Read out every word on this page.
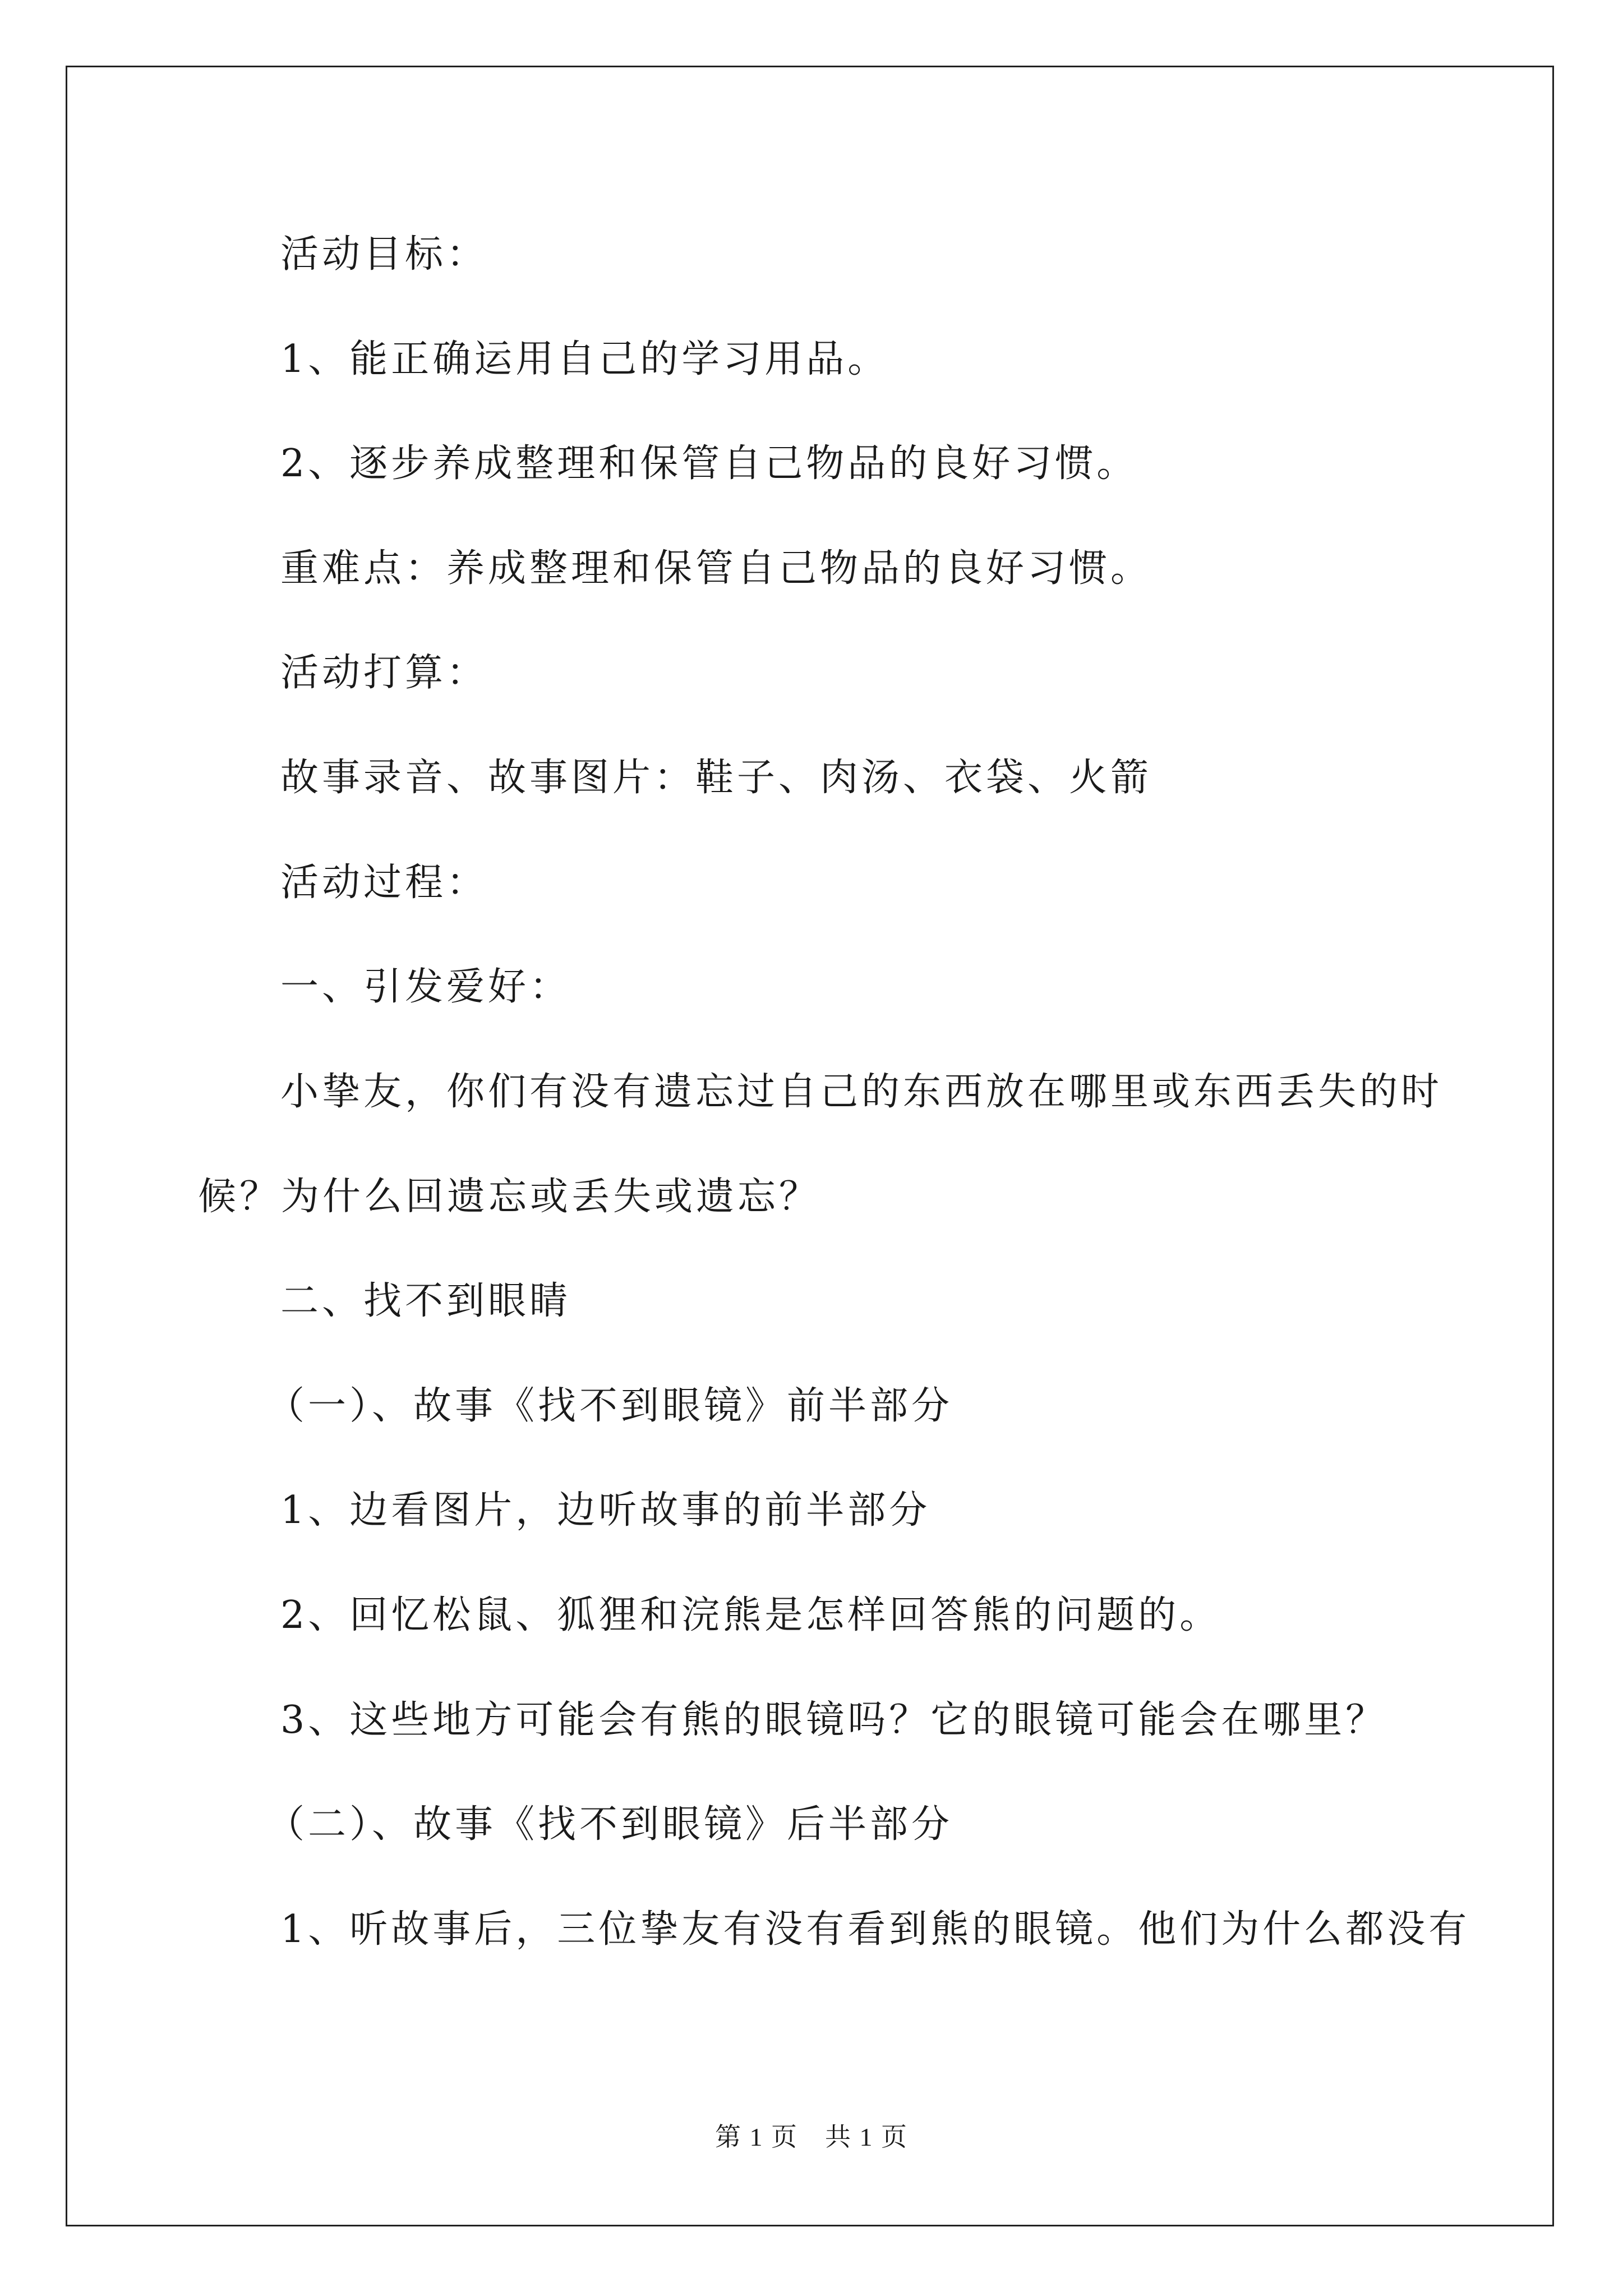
活动目标：
1、能正确运用自己的学习用品。
2、逐步养成整理和保管自己物品的良好习惯。
重难点：养成整理和保管自己物品的良好习惯。
活动打算：
故事录音、故事图片：鞋子、肉汤、衣袋、火箭
活动过程：
一、引发爱好：
小挚友，你们有没有遗忘过自己的东西放在哪里或东西丢失的时
候？为什么回遗忘或丢失或遗忘？
二、找不到眼睛
（一）、故事《找不到眼镜》前半部分
1、边看图片，边听故事的前半部分
2、回忆松鼠、狐狸和浣熊是怎样回答熊的问题的。
3、这些地方可能会有熊的眼镜吗？它的眼镜可能会在哪里？
（二）、故事《找不到眼镜》后半部分
1、听故事后，三位挚友有没有看到熊的眼镜。他们为什么都没有
第 1 页　共 1 页
